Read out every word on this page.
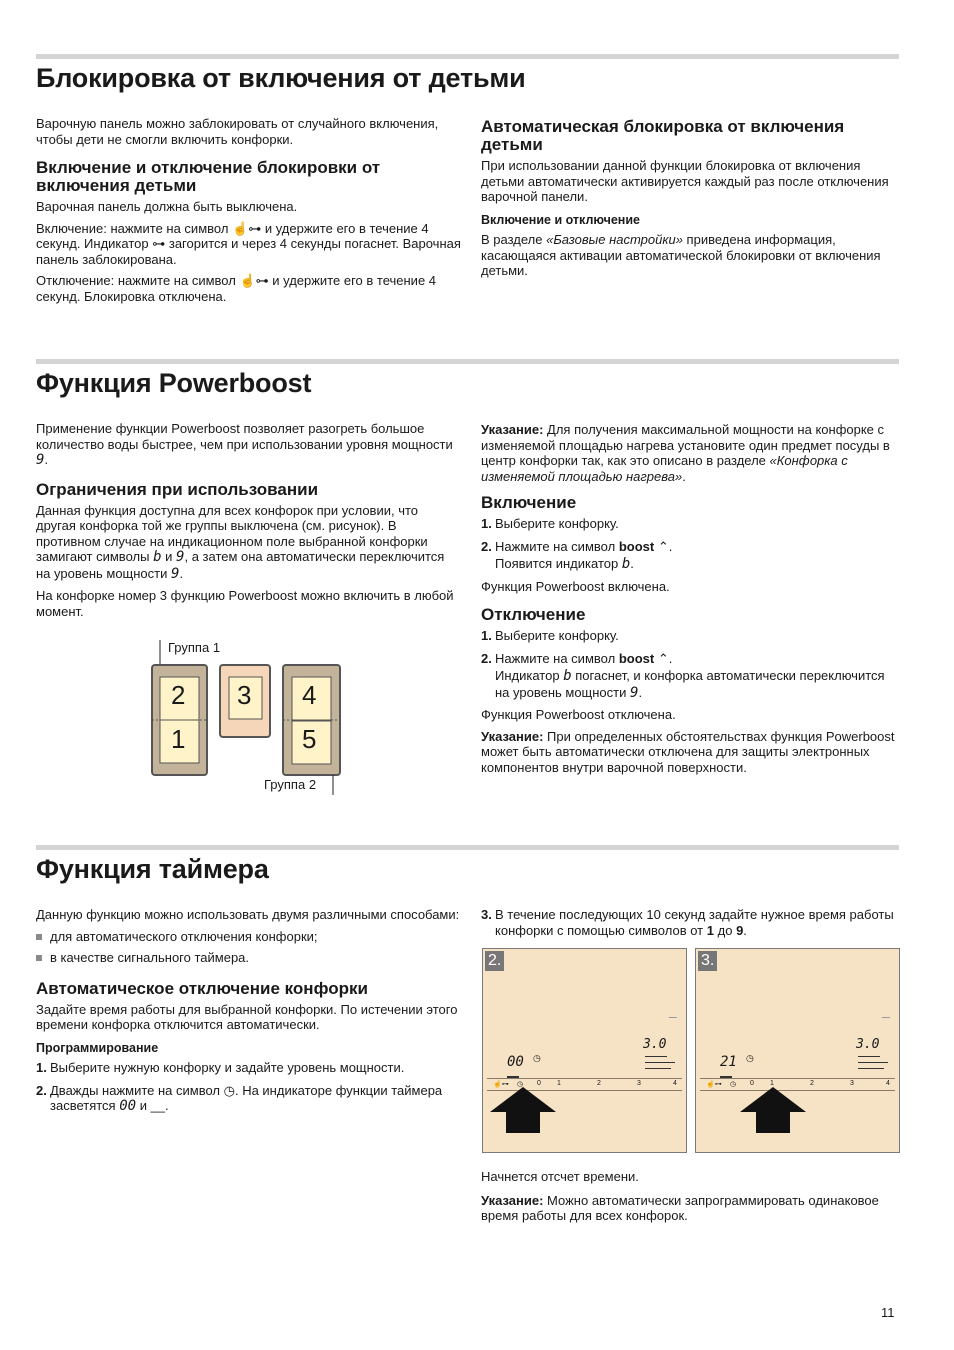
Блокировка от включения от детьми

Варочную панель можно заблокировать от случайного включения, чтобы дети не смогли включить конфорки.

Включение и отключение блокировки от включения детьми

Варочная панель должна быть выключена.

Включение: нажмите на символ ☝⊶ и удержите его в течение 4 секунд. Индикатор ⊶ загорится и через 4 секунды погаснет. Варочная панель заблокирована.

Отключение: нажмите на символ ☝⊶ и удержите его в течение 4 секунд. Блокировка отключена.

Автоматическая блокировка от включения детьми

При использовании данной функции блокировка от включения детьми автоматически активируется каждый раз после отключения варочной панели.

Включение и отключение

В разделе «Базовые настройки» приведена информация, касающаяся активации автоматической блокировки от включения детьми.

Функция Powerboost

Применение функции Powerboost позволяет разогреть большое количество воды быстрее, чем при использовании уровня мощности 9.

Ограничения при использовании

Данная функция доступна для всех конфорок при условии, что другая конфорка той же группы выключена (см. рисунок). В противном случае на индикационном поле выбранной конфорки замигают символы b и 9, а затем она автоматически переключится на уровень мощности 9.

На конфорке номер 3 функцию Powerboost можно включить в любой момент.

Группа 1
Группа 2
2
1
3 4
5

Указание: Для получения максимальной мощности на конфорке с изменяемой площадью нагрева установите один предмет посуды в центр конфорки так, как это описано в разделе «Конфорка с изменяемой площадью нагрева».

Включение
1. Выберите конфорку.
2. Нажмите на символ boost ⌃.

Появится индикатор b.

Функция Powerboost включена.

Отключение
1. Выберите конфорку.
2. Нажмите на символ boost ⌃.

Индикатор b погаснет, и конфорка автоматически переключится на уровень мощности 9.

Функция Powerboost отключена.

Указание: При определенных обстоятельствах функция Powerboost может быть автоматически отключена для защиты электронных компонентов внутри варочной поверхности.

Функция таймера

Данную функцию можно использовать двумя различными способами:

для автоматического отключения конфорки;
в качестве сигнального таймера.
Автоматическое отключение конфорки

Задайте время работы для выбранной конфорки. По истечении этого времени конфорка отключится автоматически.

Программирование
1. Выберите нужную конфорку и задайте уровень мощности.
2. Дважды нажмите на символ ◷. На индикаторе функции таймера засветятся 00 и __.
3. В течение последующих 10 секунд задайте нужное время работы конфорки с помощью символов от 1 до 9.
2.
3.0
00 ◷
☝⊶ ◷ 0 1	2	3	4
3.
3.0
21 ◷
☝⊶ ◷ 0 1	2	3	4

Начнется отсчет времени.

Указание: Можно автоматически запрограммировать одинаковое время работы для всех конфорок.

11
